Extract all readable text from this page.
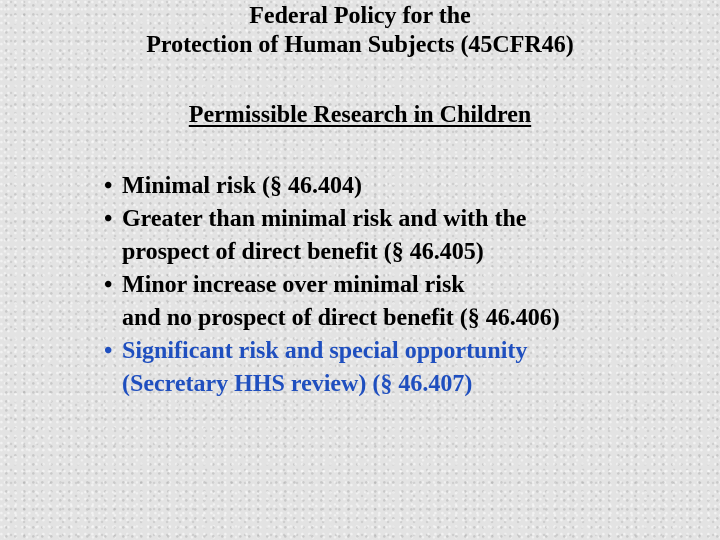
Federal Policy for the
Protection of Human Subjects (45CFR46)
Permissible Research in Children
• Minimal risk (§ 46.404)
• Greater than minimal risk and with the
prospect of direct benefit (§ 46.405)
• Minor increase over minimal risk
and no prospect of direct benefit (§ 46.406)
• Significant risk and special opportunity
(Secretary HHS review) (§ 46.407)
